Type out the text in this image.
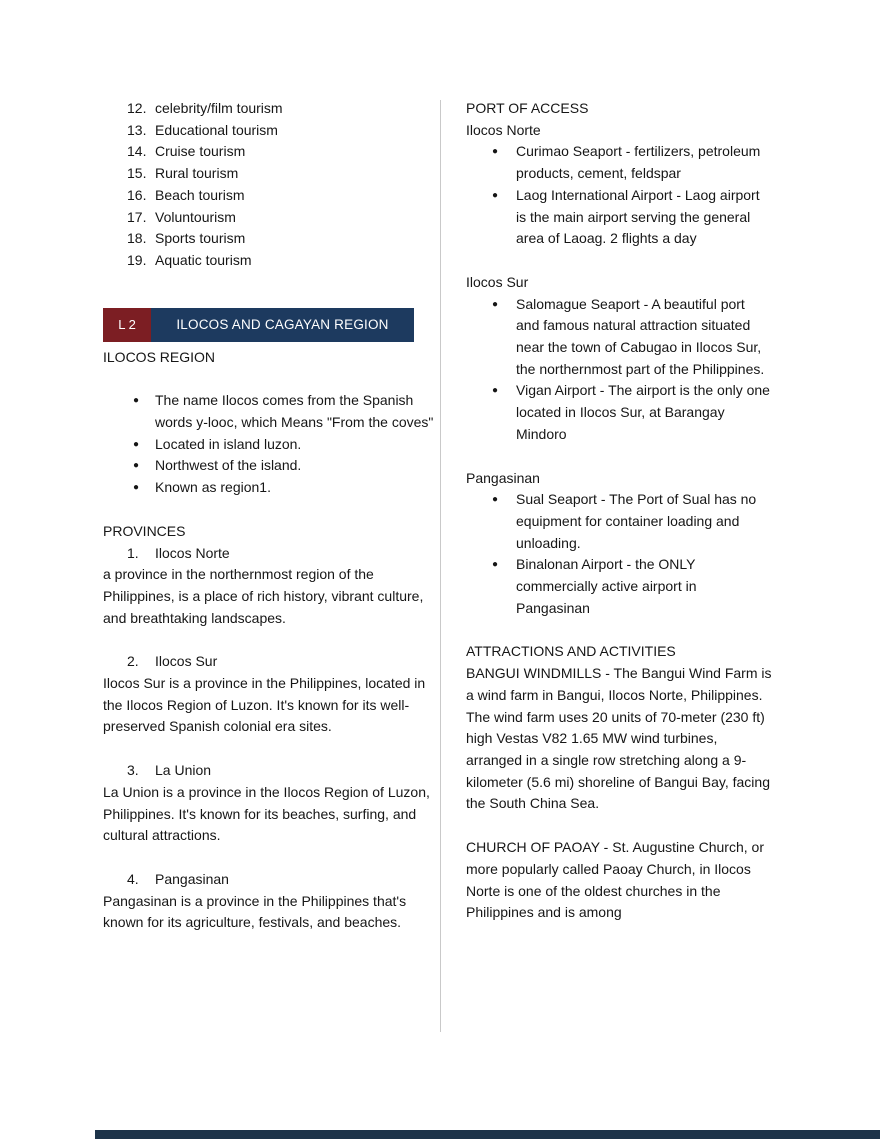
12. celebrity/film tourism
13. Educational tourism
14. Cruise tourism
15. Rural tourism
16. Beach tourism
17. Voluntourism
18. Sports tourism
19. Aquatic tourism
L 2	ILOCOS AND CAGAYAN REGION
ILOCOS REGION
● The name Ilocos comes from the Spanish words y-looc, which Means "From the coves"
● Located in island luzon.
● Northwest of the island.
● Known as region1.
PROVINCES
1.	Ilocos Norte

a province in the northernmost region of the Philippines, is a place of rich history, vibrant culture, and breathtaking landscapes.

2.	Ilocos Sur

Ilocos Sur is a province in the Philippines, located in the Ilocos Region of Luzon. It's known for its well-preserved Spanish colonial era sites.

3.	La Union

La Union is a province in the Ilocos Region of Luzon, Philippines. It's known for its beaches, surfing, and cultural attractions.

4.	Pangasinan

Pangasinan is a province in the Philippines that's known for its agriculture, festivals, and beaches.

PORT OF ACCESS
Ilocos Norte
● Curimao Seaport - fertilizers, petroleum products, cement, feldspar
● Laog International Airport - Laog airport is the main airport serving the general area of Laoag. 2 flights a day
Ilocos Sur
● Salomague Seaport - A beautiful port and famous natural attraction situated near the town of Cabugao in Ilocos Sur, the northernmost part of the Philippines.
● Vigan Airport - The airport is the only one located in Ilocos Sur, at Barangay Mindoro
Pangasinan
● Sual Seaport - The Port of Sual has no equipment for container loading and unloading.
● Binalonan Airport - the ONLY commercially active airport in Pangasinan
ATTRACTIONS AND ACTIVITIES

BANGUI WINDMILLS - The Bangui Wind Farm is a wind farm in Bangui, Ilocos Norte, Philippines. The wind farm uses 20 units of 70-meter (230 ft) high Vestas V82 1.65 MW wind turbines, arranged in a single row stretching along a 9-kilometer (5.6 mi) shoreline of Bangui Bay, facing the South China Sea.

CHURCH OF PAOAY - St. Augustine Church, or more popularly called Paoay Church, in Ilocos Norte is one of the oldest churches in the Philippines and is among
